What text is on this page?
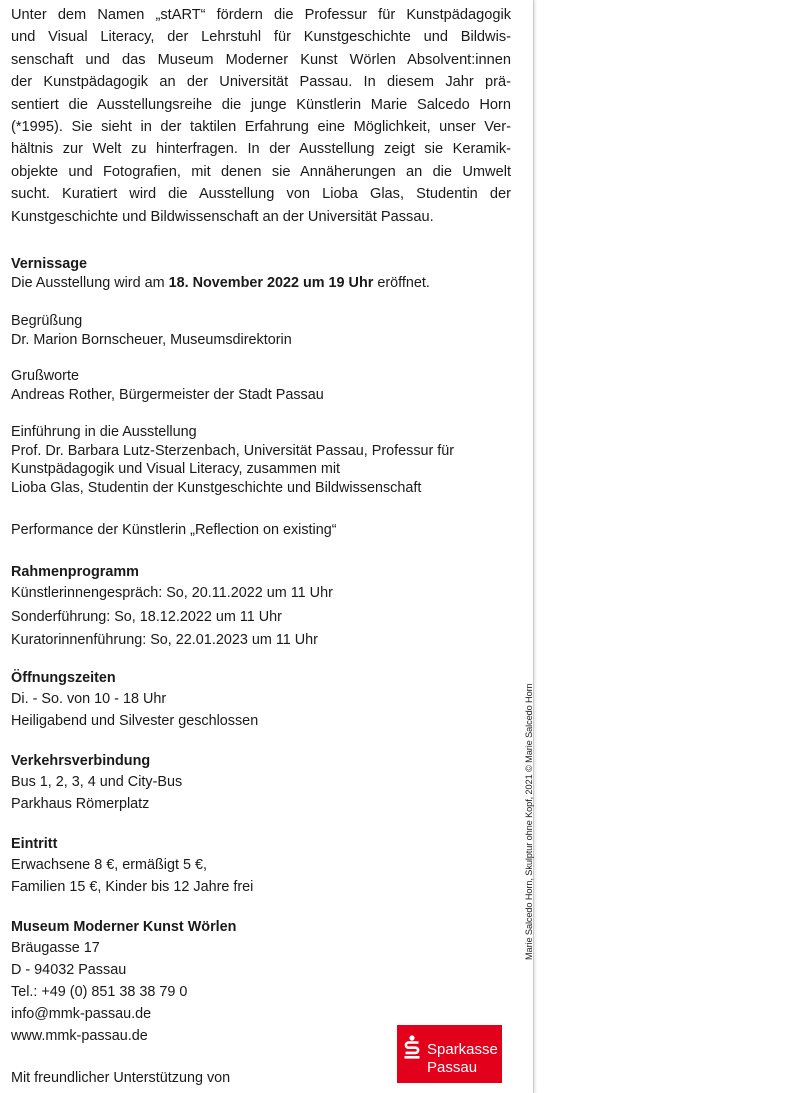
Unter dem Namen „stART“ fördern die Professur für Kunstpädagogik
und Visual Literacy, der Lehrstuhl für Kunstgeschichte und Bildwis-
senschaft und das Museum Moderner Kunst Wörlen Absolvent:innen
der Kunstpädagogik an der Universität Passau. In diesem Jahr prä-
sentiert die Ausstellungsreihe die junge Künstlerin Marie Salcedo Horn
(*1995). Sie sieht in der taktilen Erfahrung eine Möglichkeit, unser Ver-
hältnis zur Welt zu hinterfragen. In der Ausstellung zeigt sie Keramik-
objekte und Fotografien, mit denen sie Annäherungen an die Umwelt
sucht. Kuratiert wird die Ausstellung von Lioba Glas, Studentin der
Kunstgeschichte und Bildwissenschaft an der Universität Passau.
Vernissage
Die Ausstellung wird am 18. November 2022 um 19 Uhr eröffnet.
Begrüßung
Dr. Marion Bornscheuer, Museumsdirektorin
Grußworte
Andreas Rother, Bürgermeister der Stadt Passau
Einführung in die Ausstellung
Prof. Dr. Barbara Lutz-Sterzenbach, Universität Passau, Professur für
Kunstpädagogik und Visual Literacy, zusammen mit
Lioba Glas, Studentin der Kunstgeschichte und Bildwissenschaft
Performance der Künstlerin „Reflection on existing“
Rahmenprogramm
Künstlerinnengespräch: So, 20.11.2022 um 11 Uhr
Sonderführung: So, 18.12.2022 um 11 Uhr
Kuratorinnenführung: So, 22.01.2023 um 11 Uhr
Öffnungszeiten
Di. - So. von 10 - 18 Uhr
Heiligabend und Silvester geschlossen
Verkehrsverbindung
Bus 1, 2, 3, 4 und City-Bus
Parkhaus Römerplatz
Eintritt
Erwachsene 8 €, ermäßigt 5 €,
Familien 15 €, Kinder bis 12 Jahre frei
Museum Moderner Kunst Wörlen
Bräugasse 17
D - 94032 Passau
Tel.: +49 (0) 851 38 38 79 0
info@mmk-passau.de
www.mmk-passau.de
Mit freundlicher Unterstützung von
Marie Salcedo Horn, Skulptur ohne Kopf, 2021 © Marie Salcedo Horn
Sparkasse
Passau
